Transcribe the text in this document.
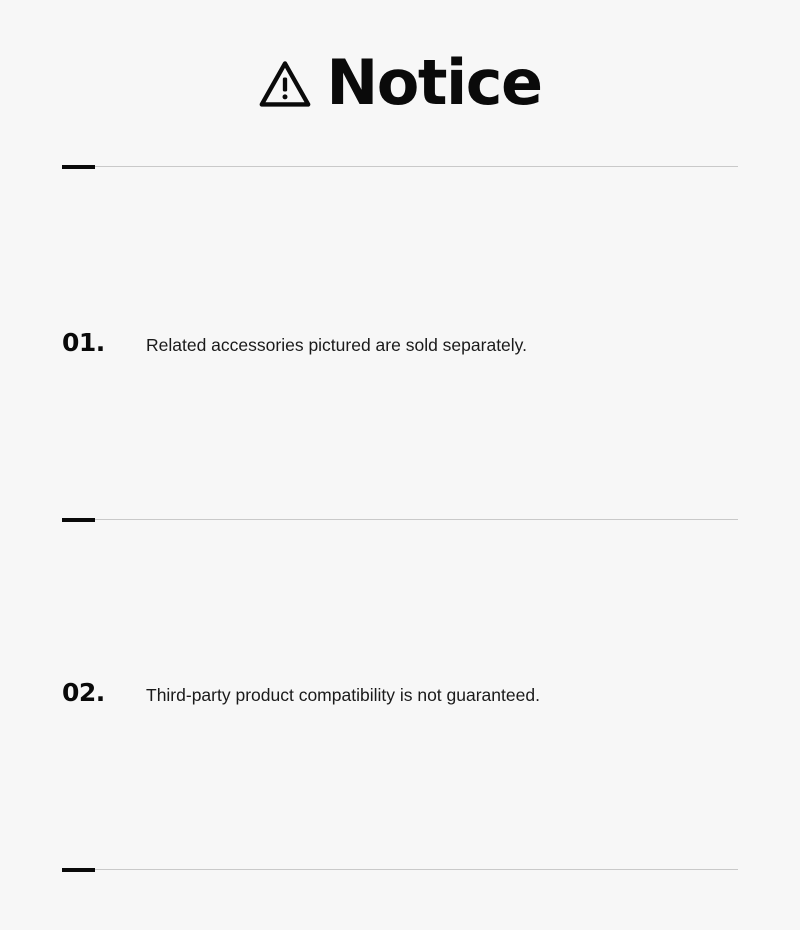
Notice
01.	Related accessories pictured are sold separately.
02.	Third-party product compatibility is not guaranteed.
